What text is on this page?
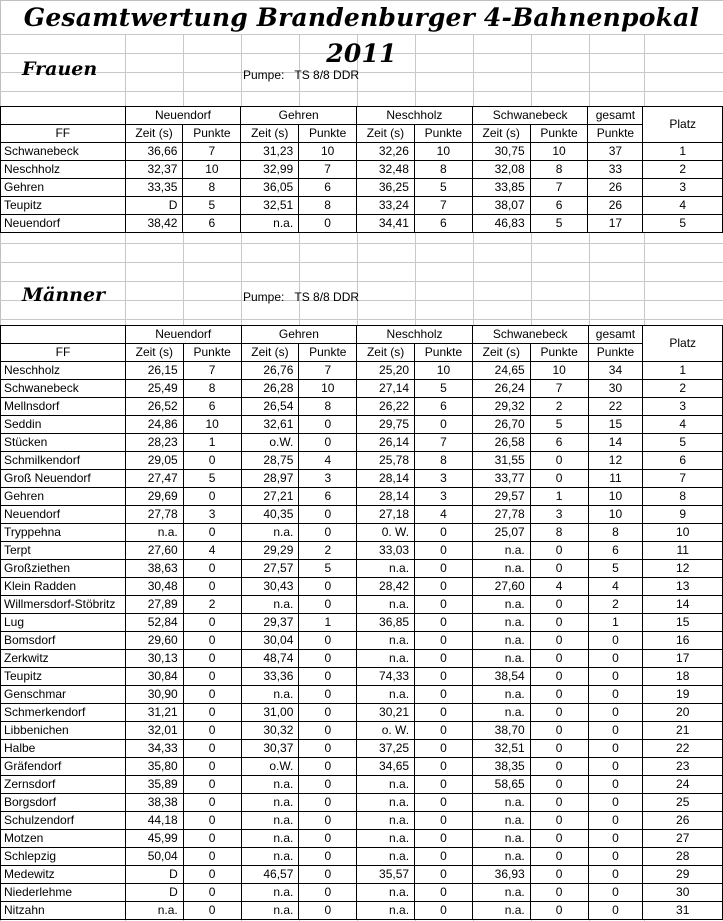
Gesamtwertung Brandenburger 4-Bahnenpokal 2011
Frauen	Pumpe: TS 8/8 DDR
	Neuendorf		Gehren		Neschholz		Schwanebeck		gesamt	Platz
FF	Zeit (s)	Punkte	Zeit (s)	Punkte	Zeit (s)	Punkte	Zeit (s)	Punkte	Punkte	
Schwanebeck	36,66	7	31,23	10	32,26	10	30,75	10	37	1
Neschholz	32,37	10	32,99	7	32,48	8	32,08	8	33	2
Gehren	33,35	8	36,05	6	36,25	5	33,85	7	26	3
Teupitz	D	5	32,51	8	33,24	7	38,07	6	26	4
Neuendorf	38,42	6	n.a.	0	34,41	6	46,83	5	17	5
Männer	Pumpe: TS 8/8 DDR
	Neuendorf		Gehren		Neschholz		Schwanebeck		gesamt	Platz
FF	Zeit (s)	Punkte	Zeit (s)	Punkte	Zeit (s)	Punkte	Zeit (s)	Punkte	Punkte	
Neschholz	26,15	7	26,76	7	25,20	10	24,65	10	34	1
Schwanebeck	25,49	8	26,28	10	27,14	5	26,24	7	30	2
Mellnsdorf	26,52	6	26,54	8	26,22	6	29,32	2	22	3
Seddin	24,86	10	32,61	0	29,75	0	26,70	5	15	4
Stücken	28,23	1	o.W.	0	26,14	7	26,58	6	14	5
Schmilkendorf	29,05	0	28,75	4	25,78	8	31,55	0	12	6
Groß Neuendorf	27,47	5	28,97	3	28,14	3	33,77	0	11	7
Gehren	29,69	0	27,21	6	28,14	3	29,57	1	10	8
Neuendorf	27,78	3	40,35	0	27,18	4	27,78	3	10	9
Tryppehna	n.a.	0	n.a.	0	0. W.	0	25,07	8	8	10
Terpt	27,60	4	29,29	2	33,03	0	n.a.	0	6	11
Großziethen	38,63	0	27,57	5	n.a.	0	n.a.	0	5	12
Klein Radden	30,48	0	30,43	0	28,42	0	27,60	4	4	13
Willmersdorf-Stöbritz	27,89	2	n.a.	0	n.a.	0	n.a.	0	2	14
Lug	52,84	0	29,37	1	36,85	0	n.a.	0	1	15
Bomsdorf	29,60	0	30,04	0	n.a.	0	n.a.	0	0	16
Zerkwitz	30,13	0	48,74	0	n.a.	0	n.a.	0	0	17
Teupitz	30,84	0	33,36	0	74,33	0	38,54	0	0	18
Genschmar	30,90	0	n.a.	0	n.a.	0	n.a.	0	0	19
Schmerkendorf	31,21	0	31,00	0	30,21	0	n.a.	0	0	20
Libbenichen	32,01	0	30,32	0	o. W.	0	38,70	0	0	21
Halbe	34,33	0	30,37	0	37,25	0	32,51	0	0	22
Gräfendorf	35,80	0	o.W.	0	34,65	0	38,35	0	0	23
Zernsdorf	35,89	0	n.a.	0	n.a.	0	58,65	0	0	24
Borgsdorf	38,38	0	n.a.	0	n.a.	0	n.a.	0	0	25
Schulzendorf	44,18	0	n.a.	0	n.a.	0	n.a.	0	0	26
Motzen	45,99	0	n.a.	0	n.a.	0	n.a.	0	0	27
Schlepzig	50,04	0	n.a.	0	n.a.	0	n.a.	0	0	28
Medewitz	D	0	46,57	0	35,57	0	36,93	0	0	29
Niederlehme	D	0	n.a.	0	n.a.	0	n.a.	0	0	30
Nitzahn	n.a.	0	n.a.	0	n.a.	0	n.a.	0	0	31
